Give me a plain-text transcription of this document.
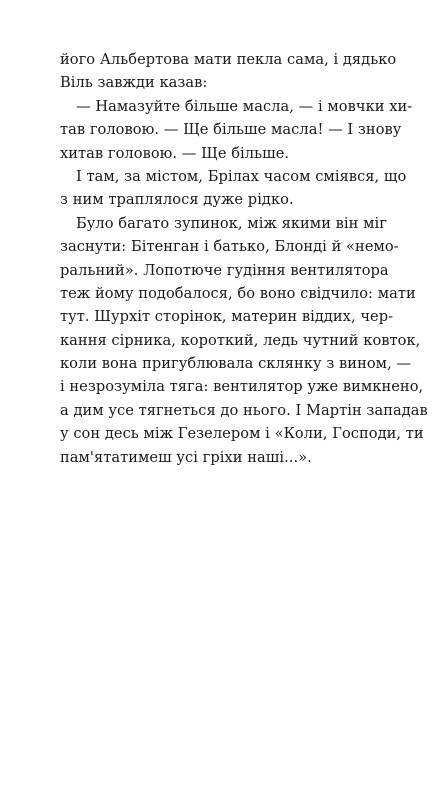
його Альбертова мати пекла сама, і дядько
Віль завжди казав:
— Намазуйте більше масла, — і мовчки хи-
тав головою. — Ще більше масла! — І знову
хитав головою. — Ще більше.
І там, за містом, Брілах часом сміявся, що
з ним траплялося дуже рідко.
Було багато зупинок, між якими він міг
заснути: Бітенган і батько, Блонді й «немо-
ральний». Лопотюче гудіння вентилятора
теж йому подобалося, бо воно свідчило: мати
тут. Шурхіт сторінок, материн віддих, чер-
кання сірника, короткий, ледь чутний ковток,
коли вона пригублювала склянку з вином, —
і незрозуміла тяга: вентилятор уже вимкнено,
а дим усе тягнеться до нього. І Мартін западав
у сон десь між Гезелером і «Коли, Господи, ти
пам'ятатимеш усі гріхи наші...».
